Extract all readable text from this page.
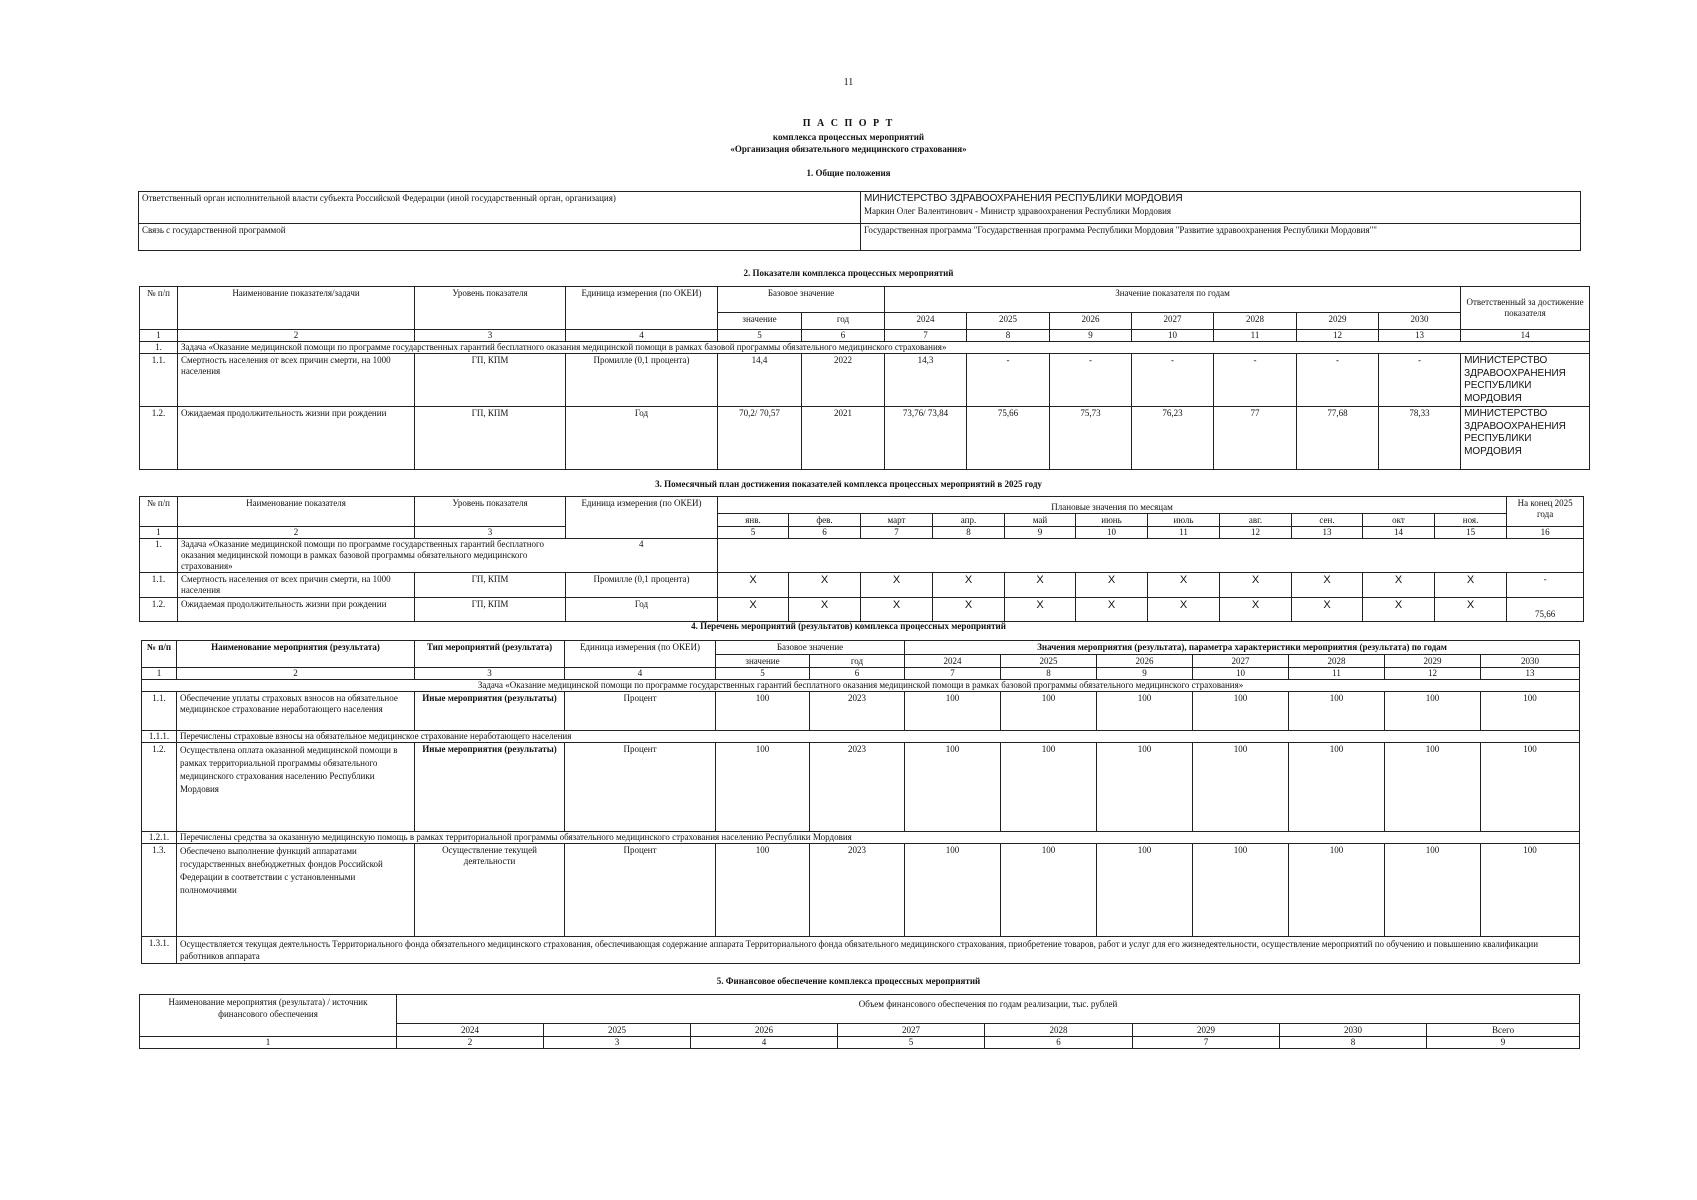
11
П А С П О Р Т
комплекса процессных мероприятий
«Организация обязательного медицинского страхования»
1. Общие положения
Ответственный орган исполнительной власти субъекта Российской Федерации (иной государственный орган, организация)	МИНИСТЕРСТВО ЗДРАВООХРАНЕНИЯ РЕСПУБЛИКИ МОРДОВИЯ
Маркин Олег Валентинович - Министр здравоохранения Республики Мордовия

Связь с государственной программой	Государственная программа "Государственная программа Республики Мордовия "Развитие здравоохранения Республики Мордовия""
2. Показатели комплекса процессных мероприятий
№ п/п	Наименование показателя/задачи	Уровень показателя	Единица измерения (по ОКЕИ)	Базовое значение		Значение показателя по годам							Ответственный за достижение показателя
				значение	год	2024	2025	2026	2027	2028	2029	2030	
1	2	3	4	5	6	7	8	9	10	11	12	13	14
1.	Задача «Оказание медицинской помощи по программе государственных гарантий бесплатного оказания медицинской помощи в рамках базовой программы обязательного медицинского страхования»												
1.1.	Смертность населения от всех причин смерти, на 1000 населения	ГП, КПМ	Промилле (0,1 процента)	14,4	2022	14,3	-	-	-	-	-	-	МИНИСТЕРСТВО ЗДРАВООХРАНЕНИЯ РЕСПУБЛИКИ МОРДОВИЯ
1.2.	Ожидаемая продолжительность жизни при рождении	ГП, КПМ	Год	70,2/ 70,57	2021	73,76/ 73,84	75,66	75,73	76,23	77	77,68	78,33	МИНИСТЕРСТВО ЗДРАВООХРАНЕНИЯ РЕСПУБЛИКИ МОРДОВИЯ
3. Помесячный план достижения показателей комплекса процессных мероприятий в 2025 году
№ п/п	Наименование показателя	Уровень показателя	Единица измерения (по ОКЕИ)	Плановые значения по месяцам											На конец 2025 года
				янв.	фев.	март	апр.	май	июнь	июль	авг.	сен.	окт	ноя.	
1	2	3		5	6	7	8	9	10	11	12	13	14	15	16
1.	Задача «Оказание медицинской помощи по программе государственных гарантий бесплатного оказания медицинской помощи в рамках базовой программы обязательного медицинского страхования»		4												
1.1.	Смертность населения от всех причин смерти, на 1000 населения	ГП, КПМ	Промилле (0,1 процента)	X	X	X	X	X	X	X	X	X	X	X	-
1.2.	Ожидаемая продолжительность жизни при рождении	ГП, КПМ	Год	X	X	X	X	X	X	X	X	X	X	X	75,66
4. Перечень мероприятий (результатов) комплекса процессных мероприятий
№ п/п	Наименование мероприятия (результата)	Тип мероприятий (результата)	Единица измерения (по ОКЕИ)	Базовое значение		Значения мероприятия (результата), параметра характеристики мероприятия (результата) по годам						
				значение	год	2024	2025	2026	2027	2028	2029	2030
1	2	3	4	5	6	7	8	9	10	11	12	13
Задача «Оказание медицинской помощи по программе государственных гарантий бесплатного оказания медицинской помощи в рамках базовой программы обязательного медицинского страхования»												
1.1.	Обеспечение уплаты страховых взносов на обязательное медицинское страхование неработающего населения	Иные мероприятия (результаты)	Процент	100	2023	100	100	100	100	100	100	100
1.1.1.	Перечислены страховые взносы на обязательное медицинское страхование неработающего населения											
1.2.	Осуществлена оплата оказанной медицинской помощи в рамках территориальной программы обязательного медицинского страхования населению Республики Мордовия	Иные мероприятия (результаты)	Процент	100	2023	100	100	100	100	100	100	100
1.2.1.	Перечислены средства за оказанную медицинскую помощь в рамках территориальной программы обязательного медицинского страхования населению Республики Мордовия											
1.3.	Обеспечено выполнение функций аппаратами государственных внебюджетных фондов Российской Федерации в соответствии с установленными полномочиями	Осуществление текущей деятельности	Процент	100	2023	100	100	100	100	100	100	100
1.3.1.	Осуществляется текущая деятельность Территориального фонда обязательного медицинского страхования, обеспечивающая содержание аппарата Территориального фонда обязательного медицинского страхования, приобретение товаров, работ и услуг для его жизнедеятельности, осуществление мероприятий по обучению и повышению квалификации работников аппарата											
5. Финансовое обеспечение комплекса процессных мероприятий
Наименование мероприятия (результата) / источник финансового обеспечения	Объем финансового обеспечения по годам реализации, тыс. рублей							
	2024	2025	2026	2027	2028	2029	2030	Всего
1	2	3	4	5	6	7	8	9
